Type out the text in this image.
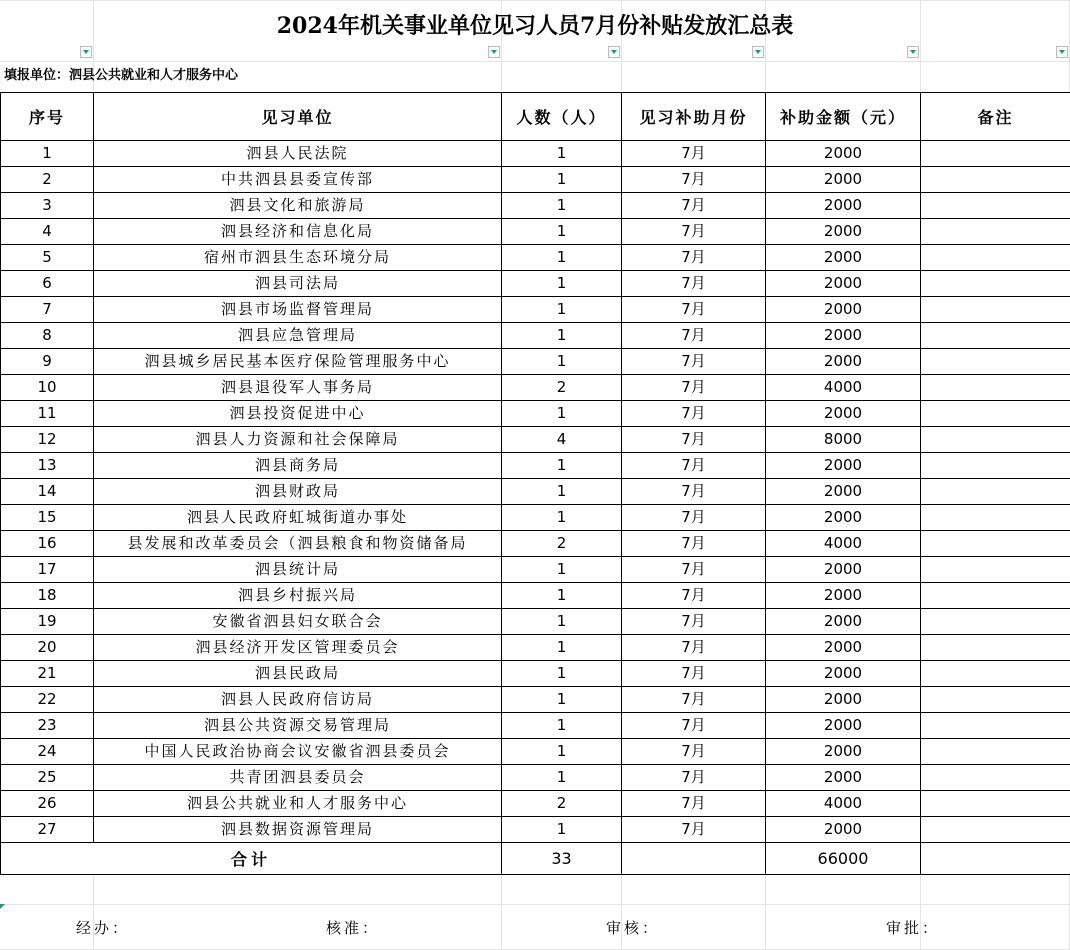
2024年机关事业单位见习人员7月份补贴发放汇总表
填报单位：泗县公共就业和人才服务中心
序号	见习单位	人数（人）	见习补助月份	补助金额（元）	备注
1	泗县人民法院	1	7月	2000	
2	中共泗县县委宣传部	1	7月	2000	
3	泗县文化和旅游局	1	7月	2000	
4	泗县经济和信息化局	1	7月	2000	
5	宿州市泗县生态环境分局	1	7月	2000	
6	泗县司法局	1	7月	2000	
7	泗县市场监督管理局	1	7月	2000	
8	泗县应急管理局	1	7月	2000	
9	泗县城乡居民基本医疗保险管理服务中心	1	7月	2000	
10	泗县退役军人事务局	2	7月	4000	
11	泗县投资促进中心	1	7月	2000	
12	泗县人力资源和社会保障局	4	7月	8000	
13	泗县商务局	1	7月	2000	
14	泗县财政局	1	7月	2000	
15	泗县人民政府虹城街道办事处	1	7月	2000	
16	县发展和改革委员会（泗县粮食和物资储备局	2	7月	4000	
17	泗县统计局	1	7月	2000	
18	泗县乡村振兴局	1	7月	2000	
19	安徽省泗县妇女联合会	1	7月	2000	
20	泗县经济开发区管理委员会	1	7月	2000	
21	泗县民政局	1	7月	2000	
22	泗县人民政府信访局	1	7月	2000	
23	泗县公共资源交易管理局	1	7月	2000	
24	中国人民政治协商会议安徽省泗县委员会	1	7月	2000	
25	共青团泗县委员会	1	7月	2000	
26	泗县公共就业和人才服务中心	2	7月	4000	
27	泗县数据资源管理局	1	7月	2000	
合计		33		66000	
经办：	核准：	审核：	审批：
